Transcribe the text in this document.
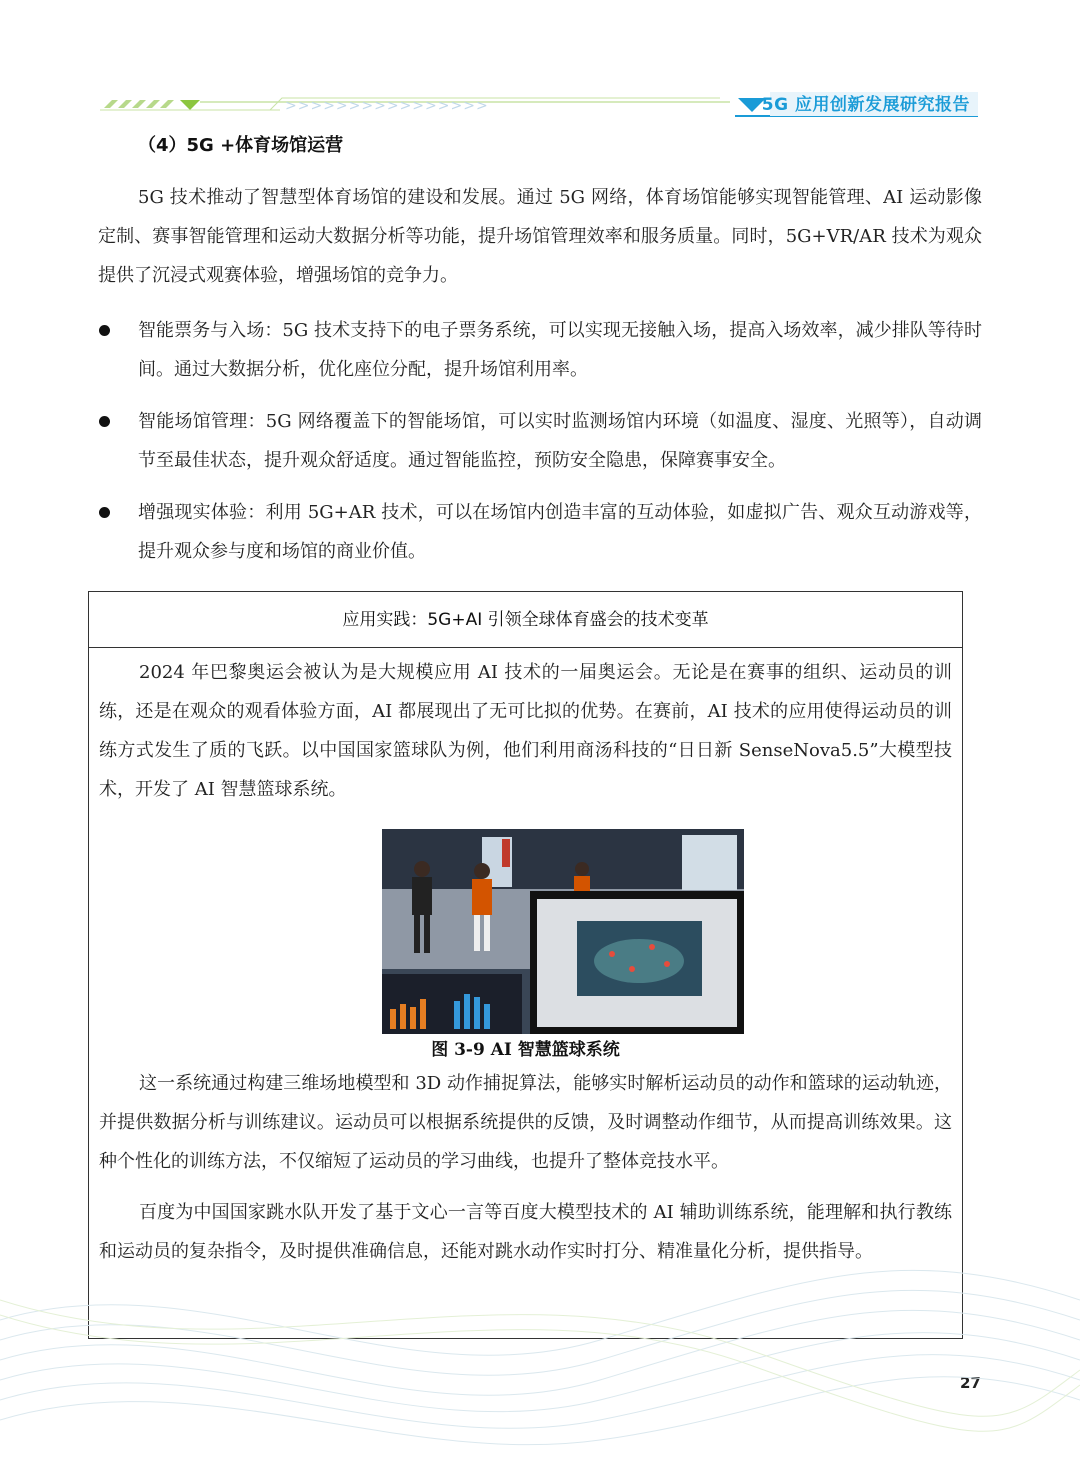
>>>>>>>>>>>>>>>>	5G 应用创新发展研究报告
（4）5G +体育场馆运营

5G 技术推动了智慧型体育场馆的建设和发展。通过 5G 网络，体育场馆能够实现智能管理、AI 运动影像定制、赛事智能管理和运动大数据分析等功能，提升场馆管理效率和服务质量。同时，5G+VR/AR 技术为观众提供了沉浸式观赛体验，增强场馆的竞争力。

智能票务与入场：5G 技术支持下的电子票务系统，可以实现无接触入场，提高入场效率，减少排队等待时间。通过大数据分析，优化座位分配，提升场馆利用率。
智能场馆管理：5G 网络覆盖下的智能场馆，可以实时监测场馆内环境（如温度、湿度、光照等），自动调节至最佳状态，提升观众舒适度。通过智能监控，预防安全隐患，保障赛事安全。
增强现实体验：利用 5G+AR 技术，可以在场馆内创造丰富的互动体验，如虚拟广告、观众互动游戏等，提升观众参与度和场馆的商业价值。
应用实践：5G+AI 引领全球体育盛会的技术变革

2024 年巴黎奥运会被认为是大规模应用 AI 技术的一届奥运会。无论是在赛事的组织、运动员的训练，还是在观众的观看体验方面，AI 都展现出了无可比拟的优势。在赛前，AI 技术的应用使得运动员的训练方式发生了质的飞跃。以中国国家篮球队为例，他们利用商汤科技的“日日新 SenseNova5.5”大模型技术，开发了 AI 智慧篮球系统。

图 3-9 AI 智慧篮球系统

这一系统通过构建三维场地模型和 3D 动作捕捉算法，能够实时解析运动员的动作和篮球的运动轨迹，并提供数据分析与训练建议。运动员可以根据系统提供的反馈，及时调整动作细节，从而提高训练效果。这种个性化的训练方法，不仅缩短了运动员的学习曲线，也提升了整体竞技水平。

百度为中国国家跳水队开发了基于文心一言等百度大模型技术的 AI 辅助训练系统，能理解和执行教练和运动员的复杂指令，及时提供准确信息，还能对跳水动作实时打分、精准量化分析，提供指导。

27
